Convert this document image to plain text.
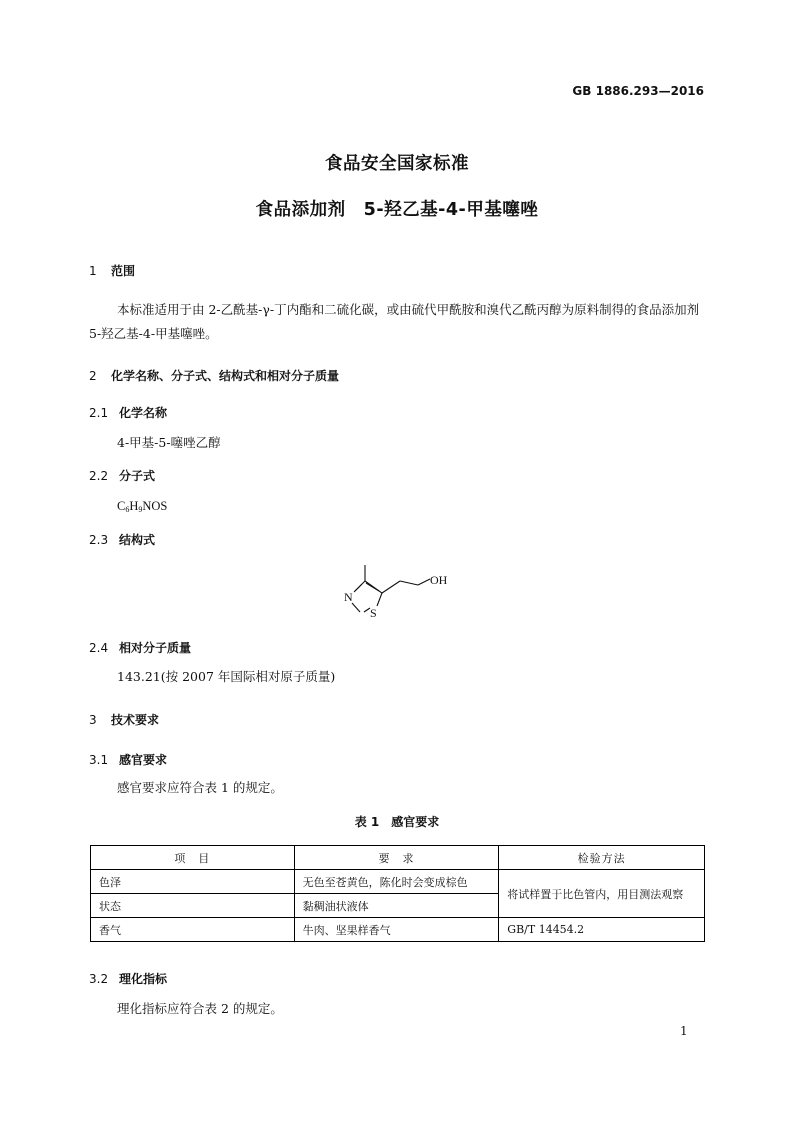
GB 1886.293—2016
食品安全国家标准
食品添加剂　5-羟乙基-4-甲基噻唑
1 范围
本标准适用于由 2-乙酰基-γ-丁内酯和二硫化碳，或由硫代甲酰胺和溴代乙酰丙醇为原料制得的食品添加剂 5-羟乙基-4-甲基噻唑。
2 化学名称、分子式、结构式和相对分子质量
2.1 化学名称
4-甲基-5-噻唑乙醇
2.2 分子式
$C_6H_9NOS$
2.3 结构式
N
S
OH
2.4 相对分子质量
143.21(按 2007 年国际相对原子质量)
3 技术要求
3.1 感官要求
感官要求应符合表 1 的规定。
表 1　感官要求
项　目	要　求	检验方法
色泽	无色至苍黄色，陈化时会变成棕色	将试样置于比色管内，用目测法观察
状态	黏稠油状液体	
香气	牛肉、坚果样香气	GB/T 14454.2
3.2 理化指标
理化指标应符合表 2 的规定。
1
